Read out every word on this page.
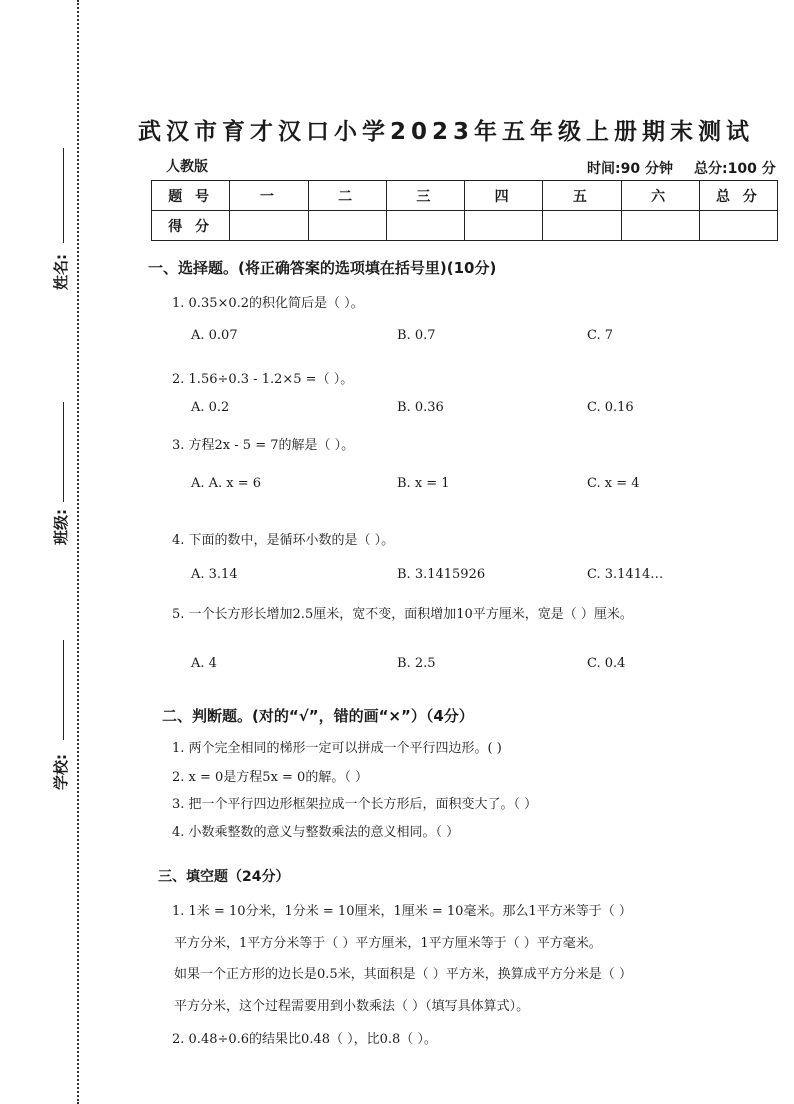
姓名:
班级:
学校:
武汉市育才汉口小学2023年五年级上册期末测试
人教版	时间:90 分钟 总分:100 分
题 号	一	二	三	四	五	六	总 分
得 分							
一、选择题。(将正确答案的选项填在括号里)(10分)
1. 0.35×0.2的积化简后是（ ）。
A. 0.07	B. 0.7	C. 7
2. 1.56÷0.3 - 1.2×5 =（ ）。
A. 0.2	B. 0.36	C. 0.16
3. 方程2x - 5 = 7的解是（ ）。
A. A. x = 6	B. x = 1	C. x = 4
4. 下面的数中，是循环小数的是（ ）。
A. 3.14	B. 3.1415926	C. 3.1414…
5. 一个长方形长增加2.5厘米，宽不变，面积增加10平方厘米，宽是（ ）厘米。
A. 4	B. 2.5	C. 0.4
二、判断题。(对的“√”，错的画“×”）（4分）
1. 两个完全相同的梯形一定可以拼成一个平行四边形。( )
2. x = 0是方程5x = 0的解。（ ）
3. 把一个平行四边形框架拉成一个长方形后，面积变大了。（ ）
4. 小数乘整数的意义与整数乘法的意义相同。（ ）
三、填空题（24分）
1. 1米 = 10分米，1分米 = 10厘米，1厘米 = 10毫米。那么1平方米等于（ ）
平方分米，1平方分米等于（ ）平方厘米，1平方厘米等于（ ）平方毫米。
如果一个正方形的边长是0.5米，其面积是（ ）平方米，换算成平方分米是（ ）
平方分米，这个过程需要用到小数乘法（ ）（填写具体算式）。
2. 0.48÷0.6的结果比0.48（ ），比0.8（ ）。
